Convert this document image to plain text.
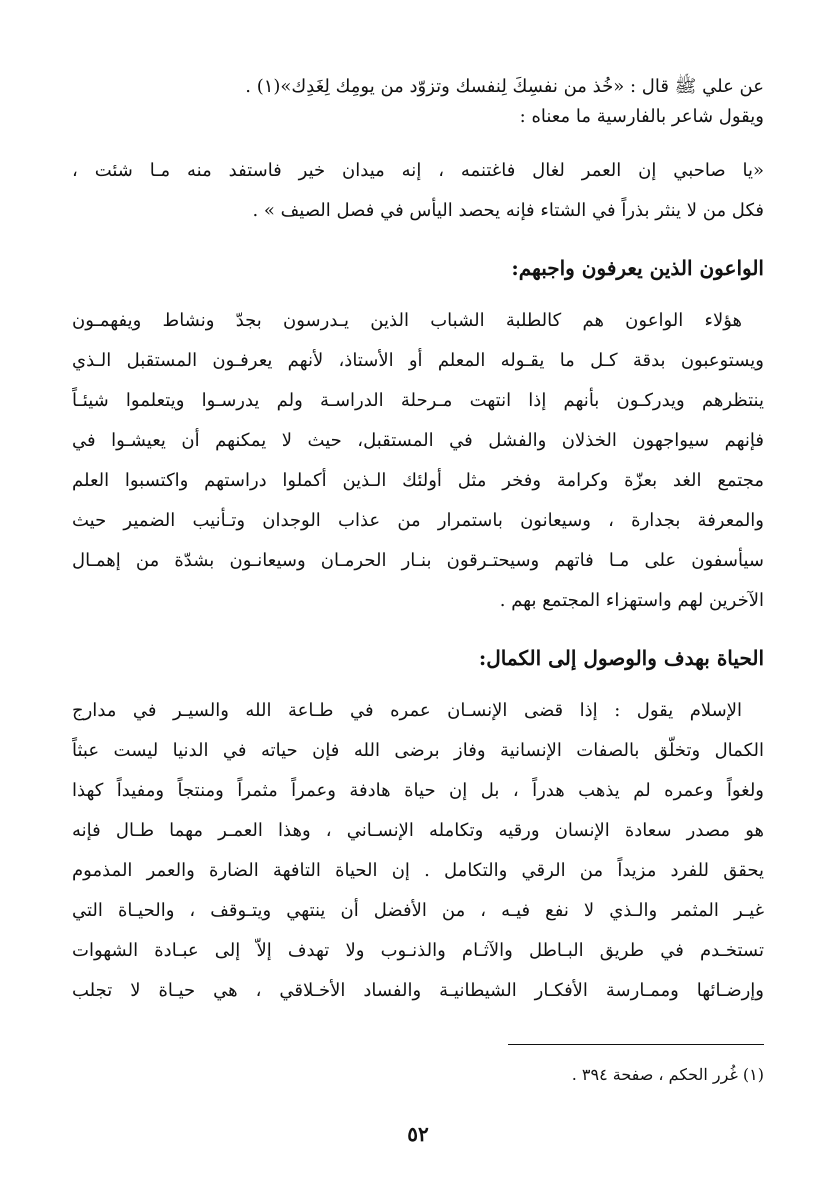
عن علي ﷺ قال : «خُذ من نفسِكَ لِنفسك وتزوّد من يومِك لِغَدِك»(١) .
ويقول شاعر بالفارسية ما معناه :
«يا صاحبي إن العمر لغال فاغتنمه ، إنه ميدان خير فاستفد منه مـا شئت ،
فكل من لا ينثر بذراً في الشتاء فإنه يحصد اليأس في فصل الصيف » .
الواعون الذين يعرفون واجبهم:
هؤلاء الواعون هم كالطلبة الشباب الذين يـدرسون بجدّ ونشاط ويفهمـون
ويستوعبون بدقة كـل ما يقـوله المعلم أو الأستاذ، لأنهم يعرفـون المستقبل الـذي
ينتظرهم ويدركـون بأنهم إذا انتهت مـرحلة الدراسـة ولم يدرسـوا ويتعلموا شيئـاً
فإنهم سيواجهون الخذلان والفشل في المستقبل، حيث لا يمكنهم أن يعيشـوا في
مجتمع الغد بعزّة وكرامة وفخر مثل أولئك الـذين أكملوا دراستهم واكتسبوا العلم
والمعرفة بجدارة ، وسيعانون باستمرار من عذاب الوجدان وتـأنيب الضمير حيث
سيأسفون على مـا فاتهم وسيحتـرقون بنـار الحرمـان وسيعانـون بشدّة من إهمـال
الآخرين لهم واستهزاء المجتمع بهم .
الحياة بهدف والوصول إلى الكمال:
الإسلام يقول : إذا قضى الإنسـان عمره في طـاعة الله والسيـر في مدارج
الكمال وتخلّق بالصفات الإنسانية وفاز برضى الله فإن حياته في الدنيا ليست عبثاً
ولغواً وعمره لم يذهب هدراً ، بل إن حياة هادفة وعمراً مثمراً ومنتجاً ومفيداً كهذا
هو مصدر سعادة الإنسان ورقيه وتكامله الإنسـاني ، وهذا العمـر مهما طـال فإنه
يحقق للفرد مزيداً من الرقي والتكامل . إن الحياة التافهة الضارة والعمر المذموم
غيـر المثمر والـذي لا نفع فيـه ، من الأفضل أن ينتهي ويتـوقف ، والحيـاة التي
تستخـدم في طريق البـاطل والآثـام والذنـوب ولا تهدف إلاّ إلى عبـادة الشهوات
وإرضـائها وممـارسة الأفكـار الشيطانيـة والفساد الأخـلاقي ، هي حيـاة لا تجلب
(١) غُرر الحكم ، صفحة ٣٩٤ .
٥٢
